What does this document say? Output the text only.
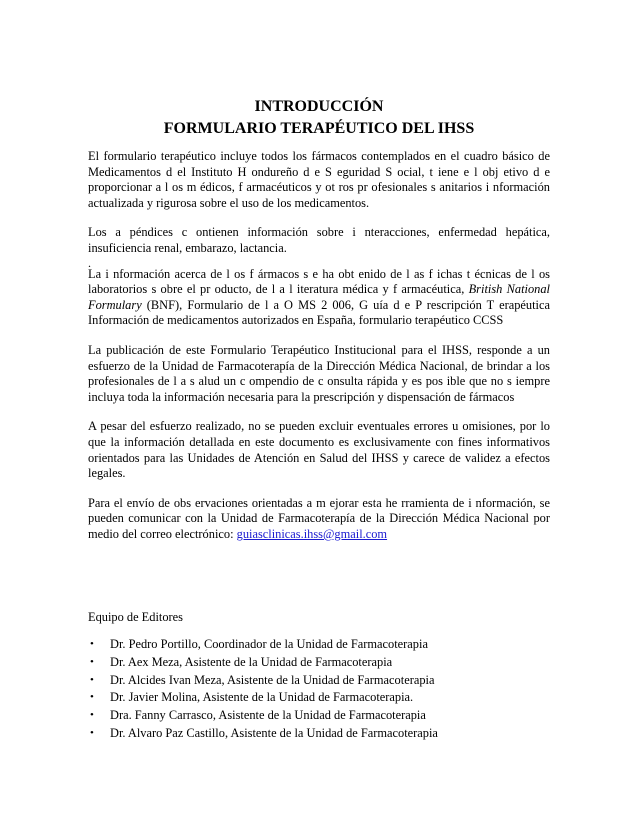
INTRODUCCIÓN
FORMULARIO TERAPÉUTICO DEL IHSS

El formulario terapéutico incluye todos los fármacos contemplados en el cuadro básico de Medicamentos d el Instituto H ondureño d e S eguridad S ocial, t iene e l obj etivo d e proporcionar a l os m édicos, f armacéuticos y ot ros pr ofesionales s anitarios i nformación actualizada y rigurosa sobre el uso de los medicamentos.

Los a péndices c ontienen información sobre i nteracciones, enfermedad hepática, insuficiencia renal, embarazo, lactancia.

.

La i nformación acerca de l os f ármacos s e ha obt enido de l as f ichas t écnicas de l os laboratorios s obre el pr oducto, de l a l iteratura médica y f armacéutica, British National Formulary (BNF), Formulario de l a O MS 2 006, G uía d e P rescripción T erapéutica Información de medicamentos autorizados en España, formulario terapéutico CCSS

La publicación de este Formulario Terapéutico Institucional para el IHSS, responde a un esfuerzo de la Unidad de Farmacoterapía de la Dirección Médica Nacional, de brindar a los profesionales de l a s alud un c ompendio de c onsulta rápida y es pos ible que no s iempre incluya toda la información necesaria para la prescripción y dispensación de fármacos

A pesar del esfuerzo realizado, no se pueden excluir eventuales errores u omisiones, por lo que la información detallada en este documento es exclusivamente con fines informativos orientados para las Unidades de Atención en Salud del IHSS y carece de validez a efectos legales.

Para el envío de obs ervaciones orientadas a m ejorar esta he rramienta de i nformación, se pueden comunicar con la Unidad de Farmacoterapía de la Dirección Médica Nacional por medio del correo electrónico: guiasclinicas.ihss@gmail.com

Equipo de Editores
• Dr. Pedro Portillo, Coordinador de la Unidad de Farmacoterapia
• Dr. Aex Meza, Asistente de la Unidad de Farmacoterapia
• Dr. Alcides Ivan Meza, Asistente de la Unidad de Farmacoterapia
• Dr. Javier Molina, Asistente de la Unidad de Farmacoterapia.
• Dra. Fanny Carrasco, Asistente de la Unidad de Farmacoterapia
• Dr. Alvaro Paz Castillo, Asistente de la Unidad de Farmacoterapia
